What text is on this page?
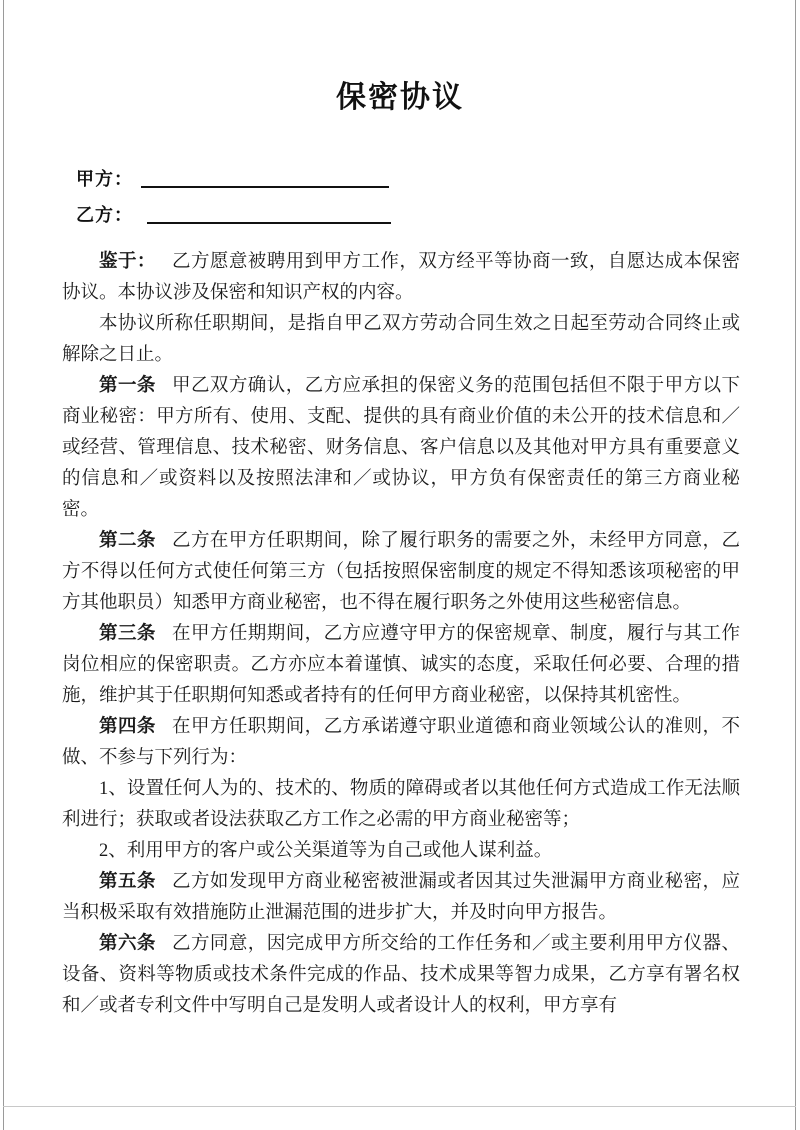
保密协议
甲方：
乙方：

鉴于： 乙方愿意被聘用到甲方工作，双方经平等协商一致，自愿达成本保密协议。本协议涉及保密和知识产权的内容。

本协议所称任职期间，是指自甲乙双方劳动合同生效之日起至劳动合同终止或解除之日止。

第一条 甲乙双方确认，乙方应承担的保密义务的范围包括但不限于甲方以下商业秘密：甲方所有、使用、支配、提供的具有商业价值的未公开的技术信息和／或经营、管理信息、技术秘密、财务信息、客户信息以及其他对甲方具有重要意义的信息和／或资料以及按照法津和／或协议，甲方负有保密责任的第三方商业秘密。

第二条 乙方在甲方任职期间，除了履行职务的需要之外，未经甲方同意，乙方不得以任何方式使任何第三方（包括按照保密制度的规定不得知悉该项秘密的甲方其他职员）知悉甲方商业秘密，也不得在履行职务之外使用这些秘密信息。

第三条 在甲方任期期间，乙方应遵守甲方的保密规章、制度，履行与其工作岗位相应的保密职责。乙方亦应本着谨慎、诚实的态度，采取任何必要、合理的措施，维护其于任职期何知悉或者持有的任何甲方商业秘密，以保持其机密性。

第四条 在甲方任职期间，乙方承诺遵守职业道德和商业领域公认的准则，不做、不参与下列行为：

1、设置任何人为的、技术的、物质的障碍或者以其他任何方式造成工作无法顺利进行；获取或者设法获取乙方工作之必需的甲方商业秘密等；

2、利用甲方的客户或公关渠道等为自己或他人谋利益。

第五条 乙方如发现甲方商业秘密被泄漏或者因其过失泄漏甲方商业秘密，应当积极采取有效措施防止泄漏范围的进步扩大，并及时向甲方报告。

第六条 乙方同意，因完成甲方所交给的工作任务和／或主要利用甲方仪器、设备、资料等物质或技术条件完成的作品、技术成果等智力成果，乙方享有署名权和／或者专利文件中写明自己是发明人或者设计人的权利，甲方享有
